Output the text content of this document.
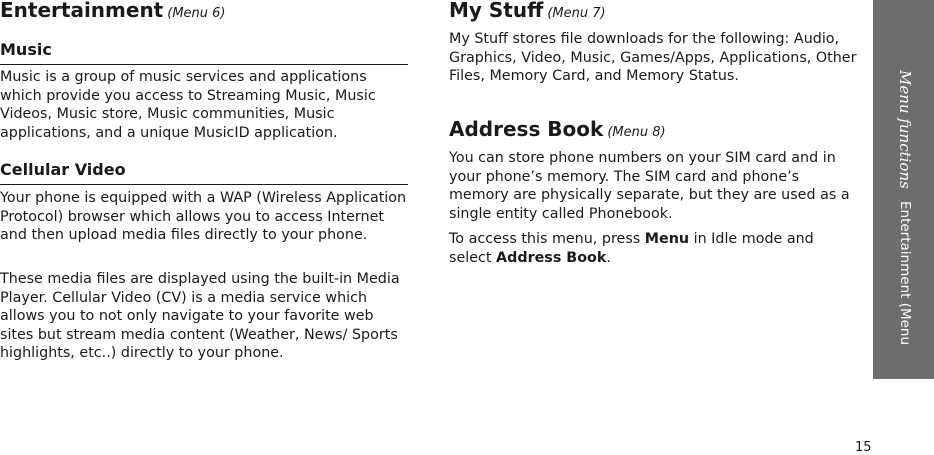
Entertainment (Menu 6)
Music

Music is a group of music services and applications which provide you access to Streaming Music, Music Videos, Music store, Music communities, Music applications, and a unique MusicID application.

Cellular Video

Your phone is equipped with a WAP (Wireless Application Protocol) browser which allows you to access Internet and then upload media files directly to your phone.

These media files are displayed using the built-in Media Player. Cellular Video (CV) is a media service which allows you to not only navigate to your favorite web sites but stream media content (Weather, News/ Sports highlights, etc..) directly to your phone.

My Stuff (Menu 7)

My Stuff stores file downloads for the following: Audio, Graphics, Video, Music, Games/Apps, Applications, Other Files, Memory Card, and Memory Status.

Address Book (Menu 8)

You can store phone numbers on your SIM card and in your phone’s memory. The SIM card and phone’s memory are physically separate, but they are used as a single entity called Phonebook.

To access this menu, press Menu in Idle mode and select Address Book.

Menu functionsEntertainment (Menu
15
